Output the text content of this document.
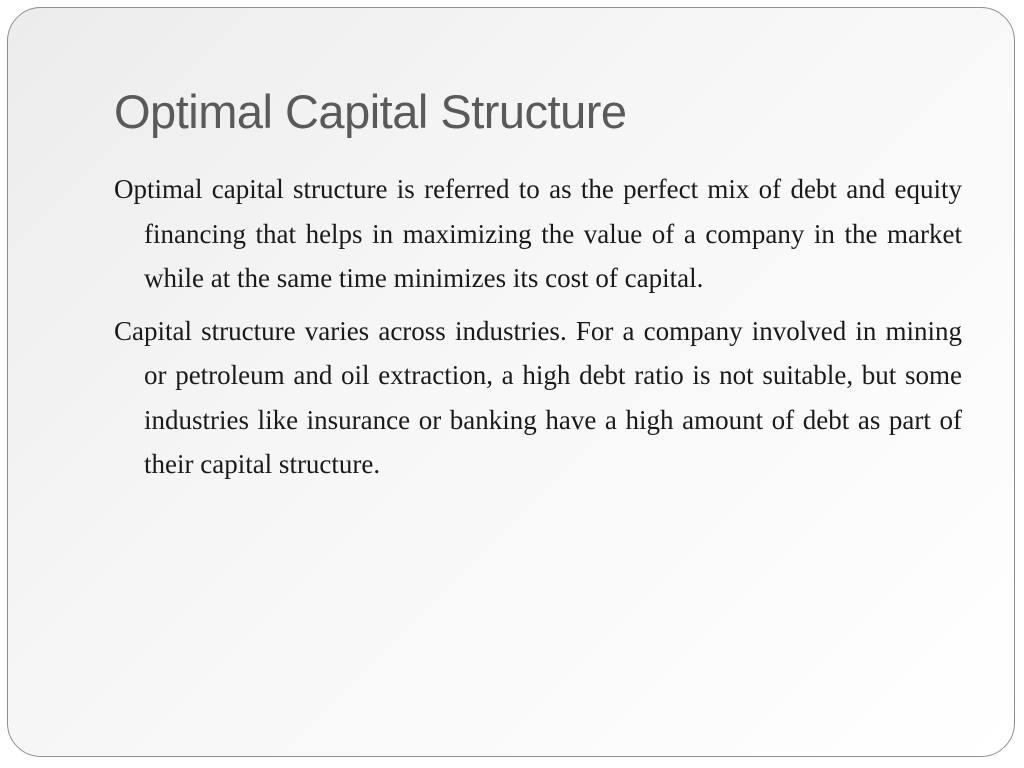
Optimal Capital Structure

Optimal capital structure is referred to as the perfect mix of debt and equity financing that helps in maximizing the value of a company in the market while at the same time minimizes its cost of capital.

Capital structure varies across industries. For a company involved in mining or petroleum and oil extraction, a high debt ratio is not suitable, but some industries like insurance or banking have a high amount of debt as part of their capital structure.
